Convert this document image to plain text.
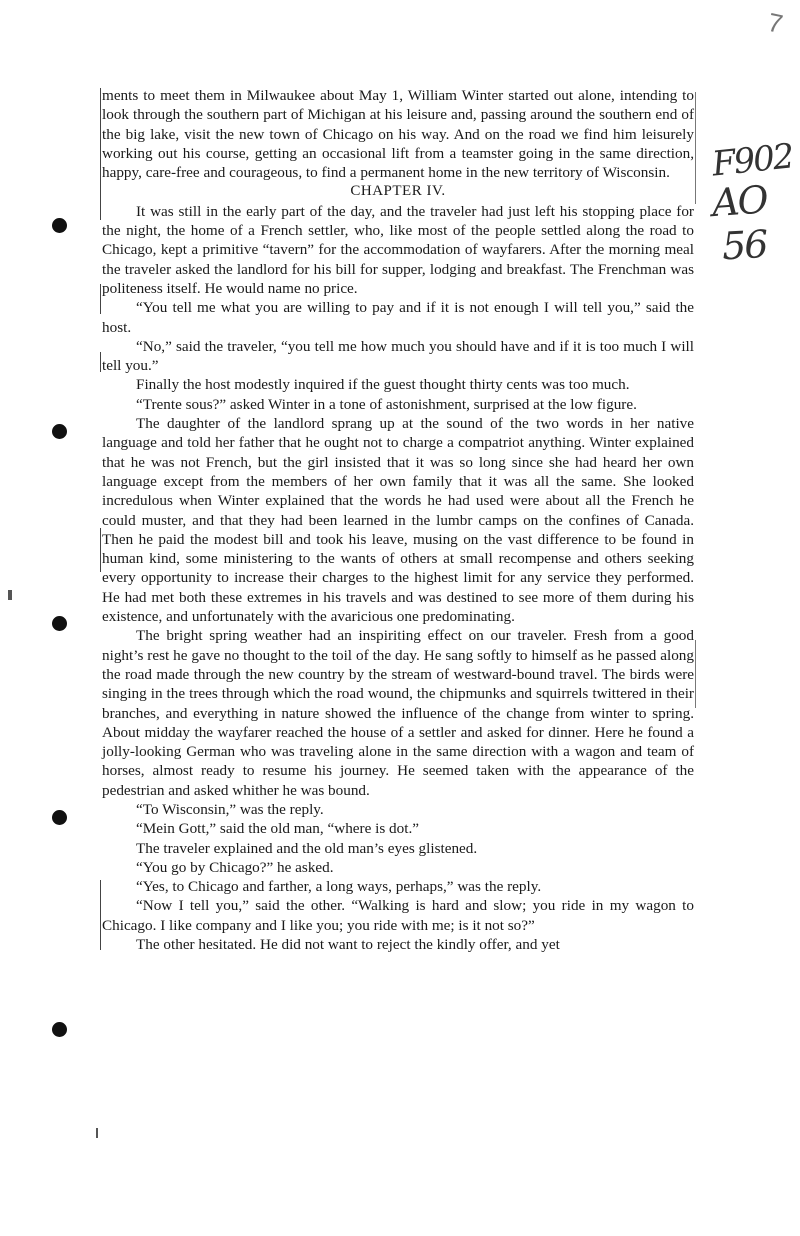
7
F902
AO
56

ments to meet them in Milwaukee about May 1, William Winter started out alone, intending to look through the southern part of Michigan at his leisure and, passing around the southern end of the big lake, visit the new town of Chicago on his way. And on the road we find him leisurely working out his course, getting an occasional lift from a teamster going in the same direction, happy, care-free and courageous, to find a permanent home in the new territory of Wisconsin.

CHAPTER IV.

It was still in the early part of the day, and the traveler had just left his stopping place for the night, the home of a French settler, who, like most of the people settled along the road to Chicago, kept a primitive “tavern” for the accommodation of wayfarers. After the morning meal the traveler asked the landlord for his bill for supper, lodging and breakfast. The Frenchman was politeness itself. He would name no price.

“You tell me what you are willing to pay and if it is not enough I will tell you,” said the host.

“No,” said the traveler, “you tell me how much you should have and if it is too much I will tell you.”

Finally the host modestly inquired if the guest thought thirty cents was too much.

“Trente sous?” asked Winter in a tone of astonishment, surprised at the low figure.

The daughter of the landlord sprang up at the sound of the two words in her native language and told her father that he ought not to charge a compatriot anything. Winter explained that he was not French, but the girl insisted that it was so long since she had heard her own language except from the members of her own family that it was all the same. She looked incredulous when Winter explained that the words he had used were about all the French he could muster, and that they had been learned in the lumbr camps on the confines of Canada. Then he paid the modest bill and took his leave, musing on the vast difference to be found in human kind, some ministering to the wants of others at small recompense and others seeking every opportunity to increase their charges to the highest limit for any service they performed. He had met both these extremes in his travels and was destined to see more of them during his existence, and unfortunately with the avaricious one predominating.

The bright spring weather had an inspiriting effect on our traveler. Fresh from a good night’s rest he gave no thought to the toil of the day. He sang softly to himself as he passed along the road made through the new country by the stream of westward-bound travel. The birds were singing in the trees through which the road wound, the chipmunks and squirrels twittered in their branches, and everything in nature showed the influence of the change from winter to spring. About midday the wayfarer reached the house of a settler and asked for dinner. Here he found a jolly-looking German who was traveling alone in the same direction with a wagon and team of horses, almost ready to resume his journey. He seemed taken with the appearance of the pedestrian and asked whither he was bound.

“To Wisconsin,” was the reply.

“Mein Gott,” said the old man, “where is dot.”

The traveler explained and the old man’s eyes glistened.

“You go by Chicago?” he asked.

“Yes, to Chicago and farther, a long ways, perhaps,” was the reply.

“Now I tell you,” said the other. “Walking is hard and slow; you ride in my wagon to Chicago. I like company and I like you; you ride with me; is it not so?”

The other hesitated. He did not want to reject the kindly offer, and yet
